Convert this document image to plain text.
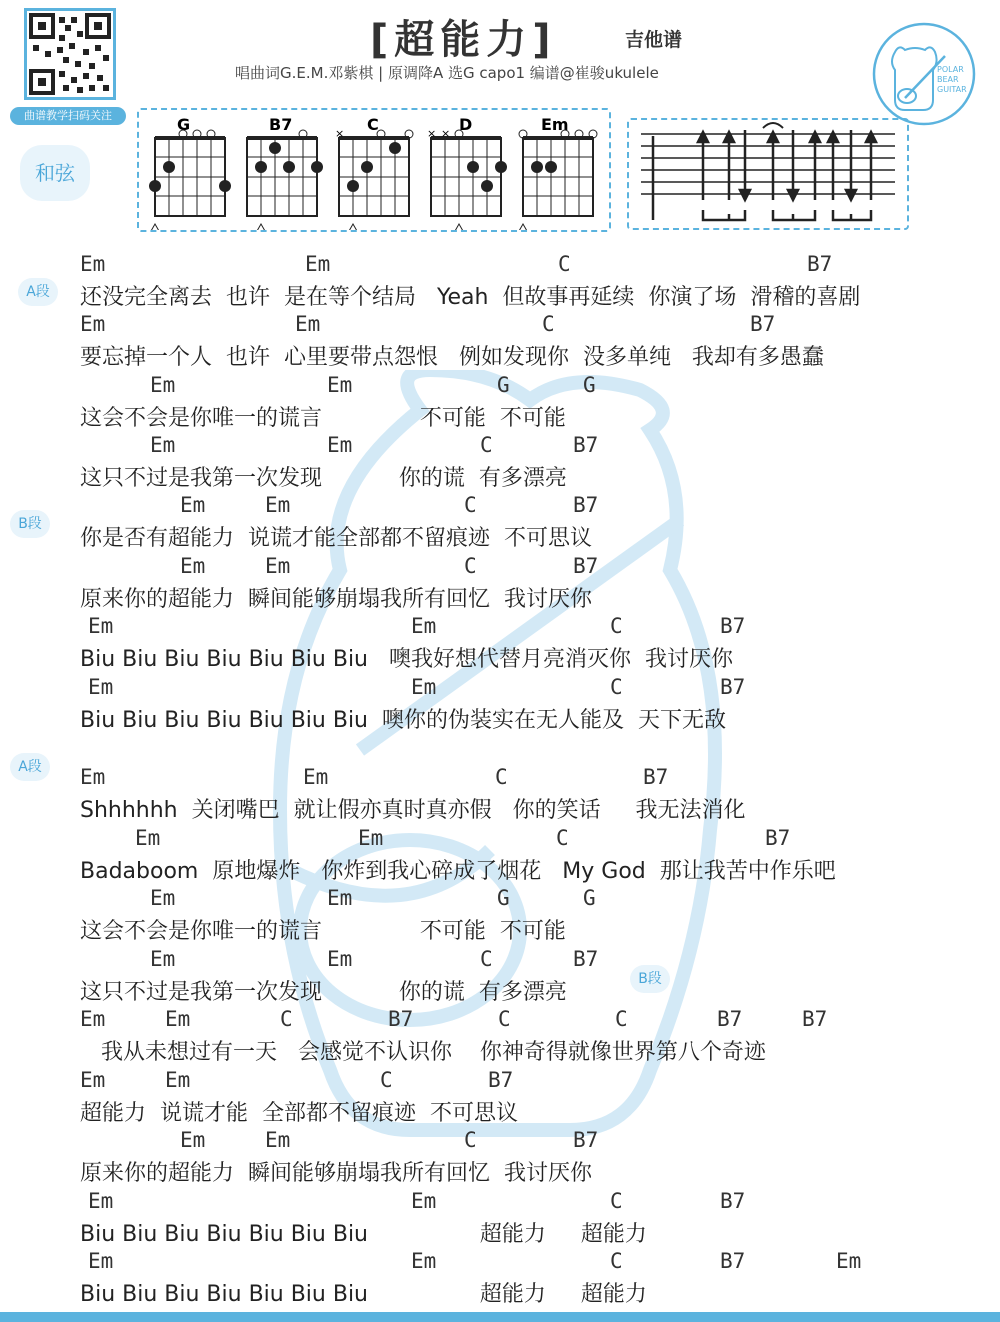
曲谱教学扫码关注
[超能力]	吉他谱
唱曲词G.E.M.邓紫棋 | 原调降A 选G capo1 编谱@崔骏ukulele	POLAR
BEAR
GUITAR
和弦
G	B7	C
×	D
× ×	Em
A段
B段
A段
B段
Em	Em	C	B7
还没完全离去  也许  是在等个结局   Yeah  但故事再延续  你演了场  滑稽的喜剧
Em	Em	C	B7
要忘掉一个人  也许  心里要带点怨恨   例如发现你  没多单纯   我却有多愚蠢
Em	Em	G	G
这会不会是你唯一的谎言              不可能  不可能
Em	Em	C	B7
这只不过是我第一次发现           你的谎  有多漂亮
Em	Em	C	B7
你是否有超能力  说谎才能全部都不留痕迹  不可思议
Em	Em	C	B7
原来你的超能力  瞬间能够崩塌我所有回忆  我讨厌你
Em	Em	C	B7
Biu Biu Biu Biu Biu Biu Biu   噢我好想代替月亮消灭你  我讨厌你
Em	Em	C	B7
Biu Biu Biu Biu Biu Biu Biu  噢你的伪装实在无人能及  天下无敌
Em	Em	C	B7
Shhhhhh  关闭嘴巴  就让假亦真时真亦假   你的笑话     我无法消化
Em	Em	C	B7
Badaboom  原地爆炸   你炸到我心碎成了烟花   My God  那让我苦中作乐吧
Em	Em	G	G
这会不会是你唯一的谎言              不可能  不可能
Em	Em	C	B7
这只不过是我第一次发现           你的谎  有多漂亮
Em	Em	C	B7	C	C	B7	B7
我从未想过有一天   会感觉不认识你    你神奇得就像世界第八个奇迹
Em	Em	C	B7
超能力  说谎才能  全部都不留痕迹  不可思议
Em	Em	C	B7
原来你的超能力  瞬间能够崩塌我所有回忆  我讨厌你
Em	Em	C	B7
Biu Biu Biu Biu Biu Biu Biu                超能力     超能力
Em	Em	C	B7	Em
Biu Biu Biu Biu Biu Biu Biu                超能力     超能力
